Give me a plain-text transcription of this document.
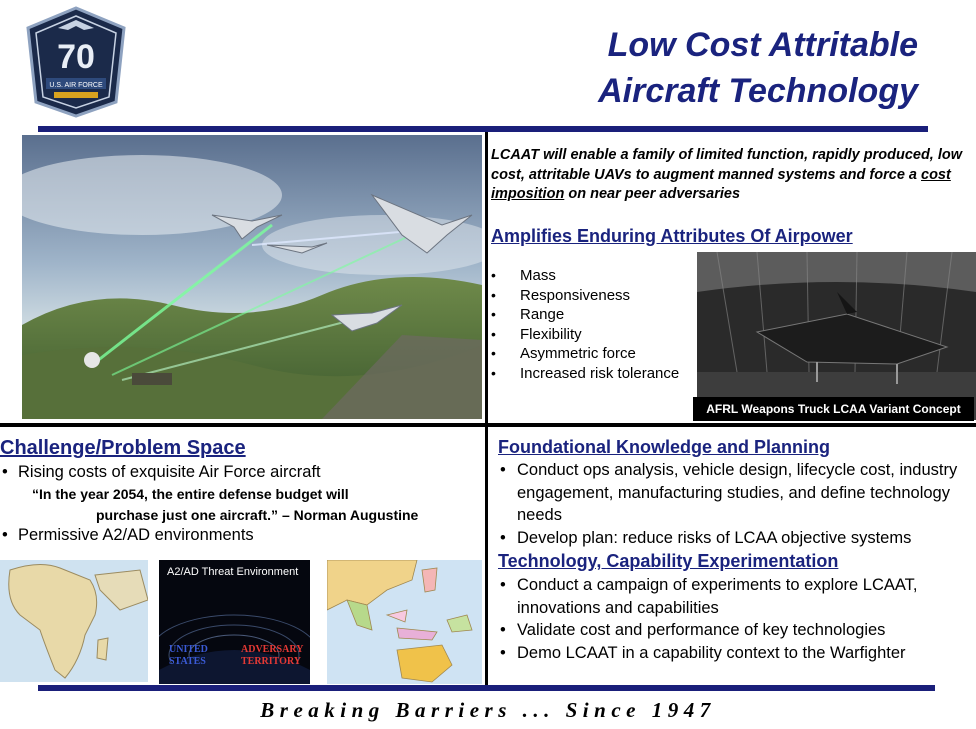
70
U.S. AIR FORCE
Low Cost Attritable
Aircraft Technology
LCAAT will enable a family of limited function, rapidly produced, low cost, attritable UAVs to augment manned systems and force a cost imposition on near peer adversaries
Amplifies Enduring Attributes Of Airpower
• Mass
• Responsiveness
• Range
• Flexibility
• Asymmetric force
• Increased risk tolerance
AFRL Weapons Truck LCAA Variant Concept
Challenge/Problem Space
• Rising costs of exquisite Air Force aircraft
“In the year 2054, the entire defense budget will
purchase just one aircraft.” – Norman Augustine
• Permissive A2/AD environments
A2/AD Threat Environment
UNITED
STATES
ADVERSARY
TERRITORY
Foundational Knowledge and Planning
• Conduct ops analysis, vehicle design, lifecycle cost, industry engagement, manufacturing studies, and define technology needs
• Develop plan: reduce risks of LCAA objective systems
Technology, Capability Experimentation
• Conduct a campaign of experiments to explore LCAAT, innovations and capabilities
• Validate cost and performance of key technologies
• Demo LCAAT in a capability context to the Warfighter
Breaking Barriers ... Since 1947
